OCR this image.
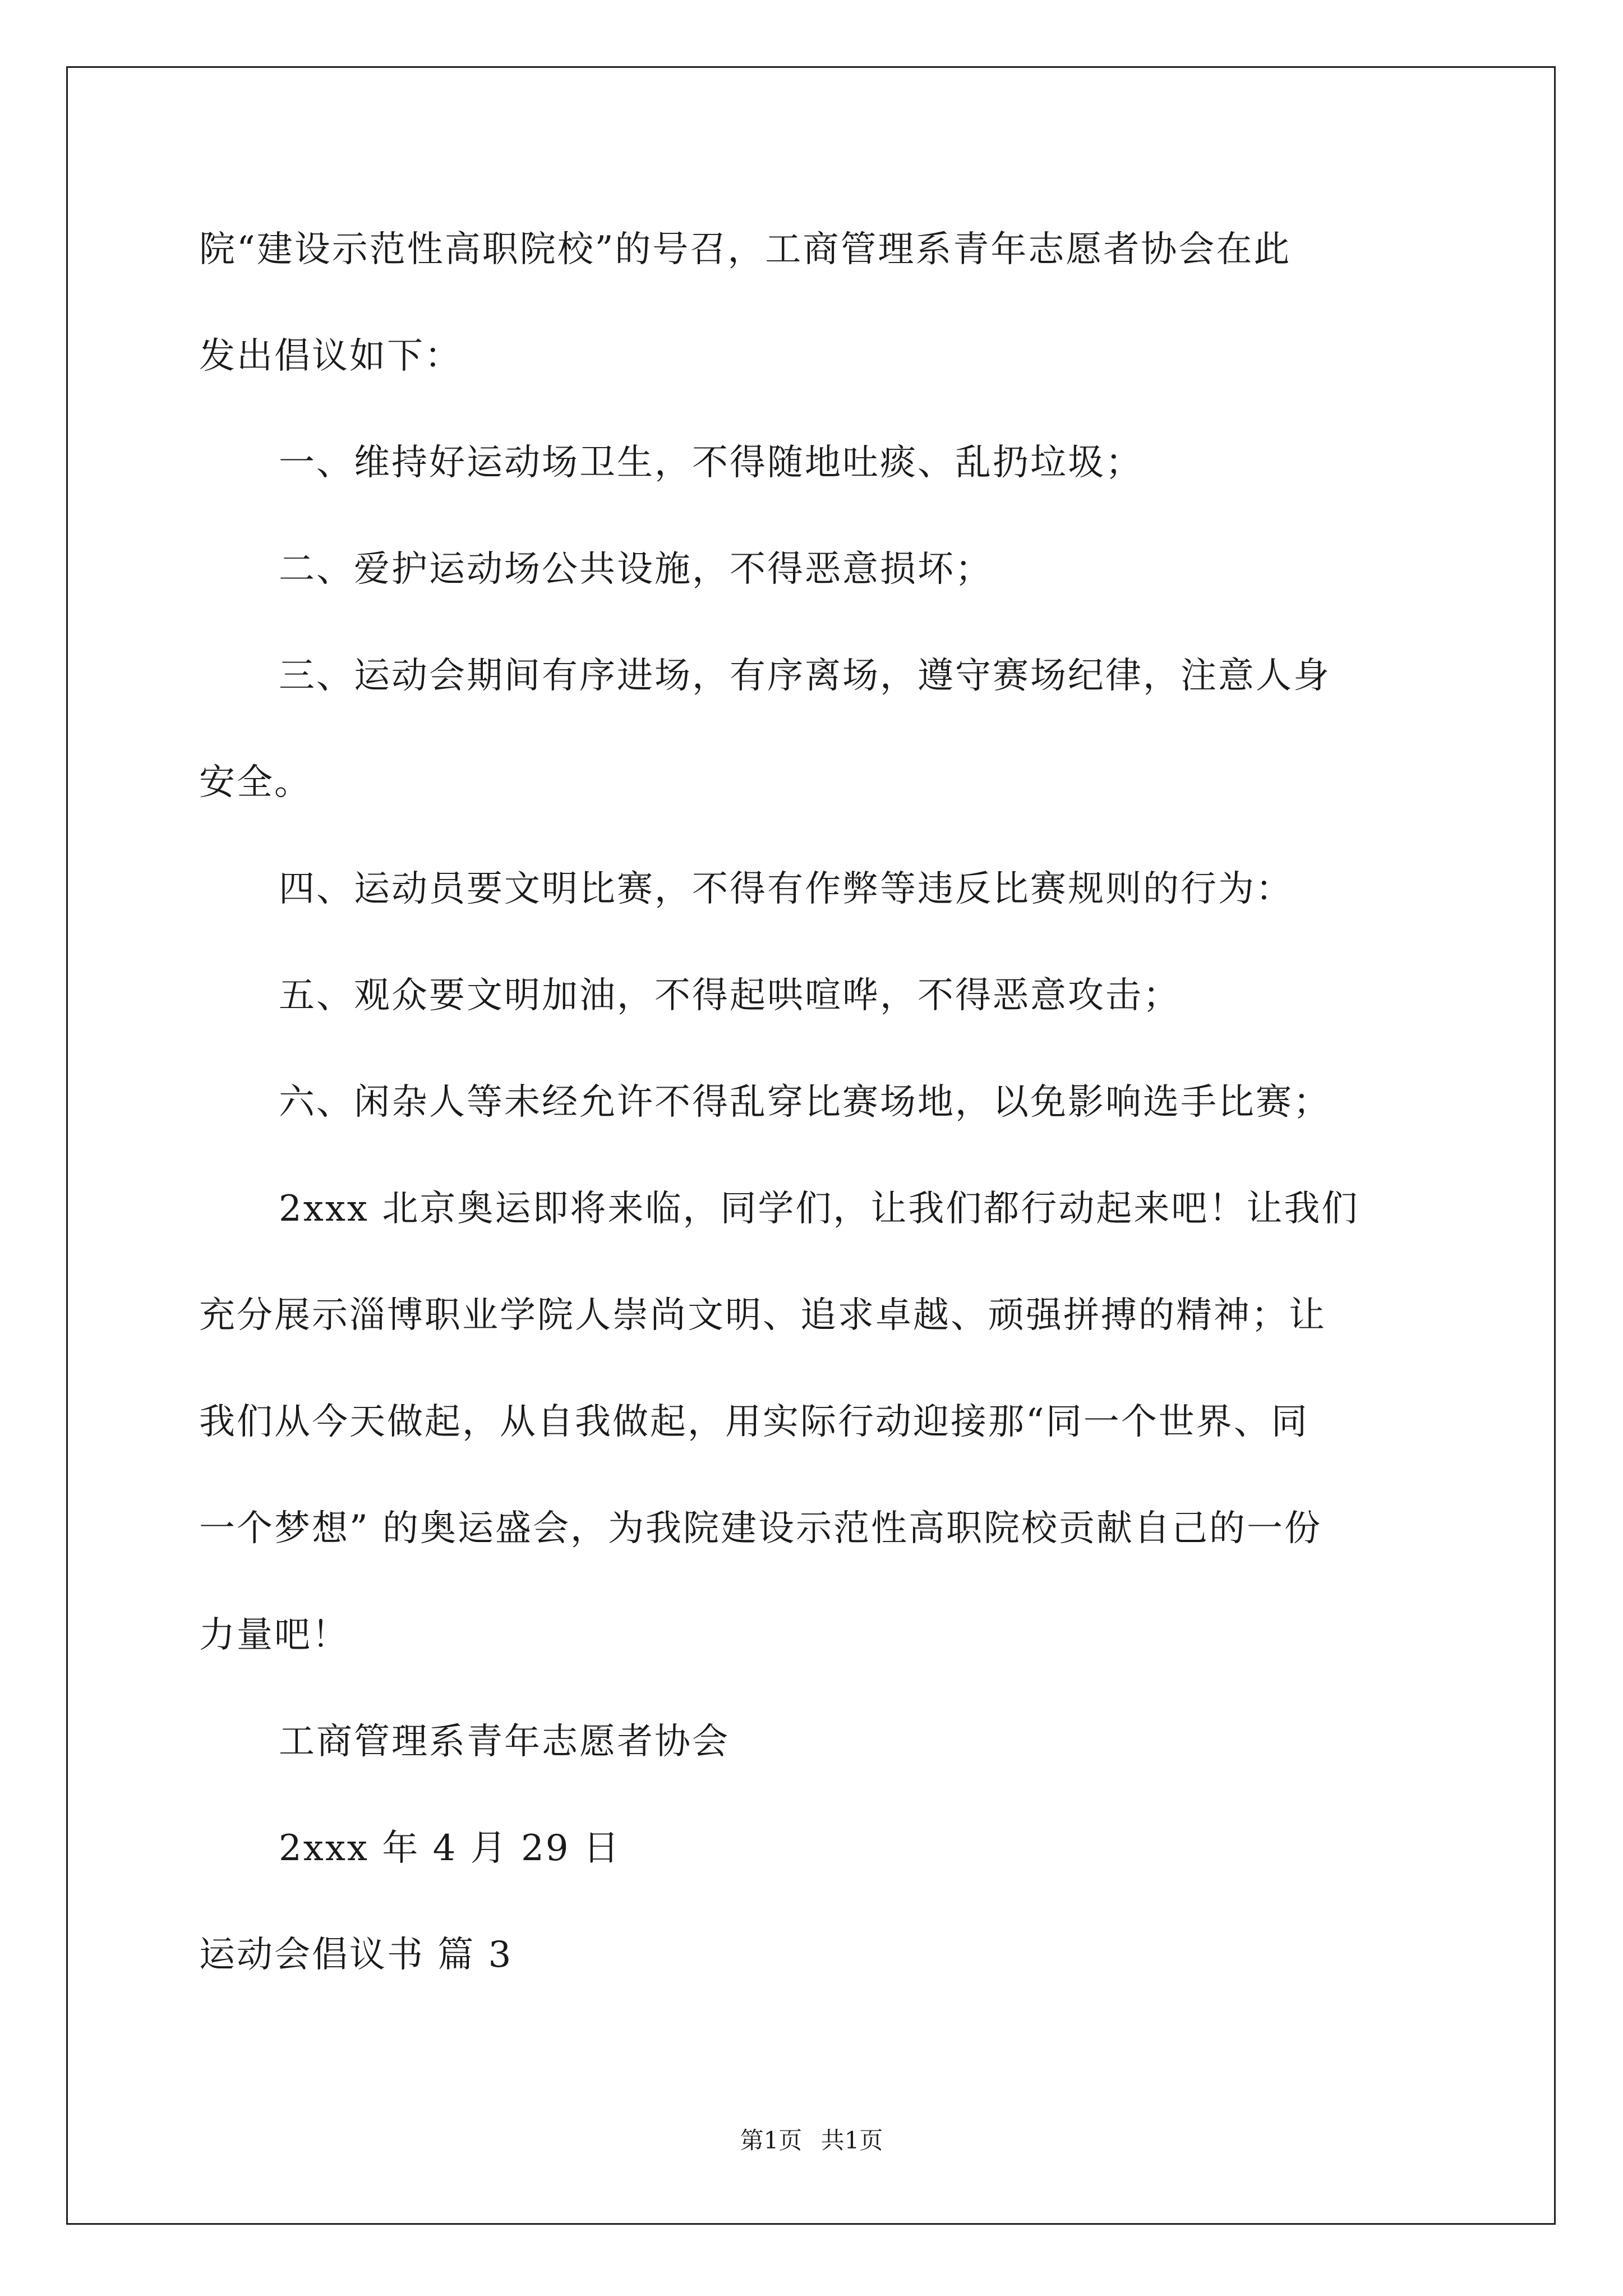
院“建设示范性高职院校”的号召，工商管理系青年志愿者协会在此
发出倡议如下：
一、维持好运动场卫生，不得随地吐痰、乱扔垃圾；
二、爱护运动场公共设施，不得恶意损坏；
三、运动会期间有序进场，有序离场，遵守赛场纪律，注意人身
安全。
四、运动员要文明比赛，不得有作弊等违反比赛规则的行为：
五、观众要文明加油，不得起哄喧哗，不得恶意攻击；
六、闲杂人等未经允许不得乱穿比赛场地，以免影响选手比赛；
2xxx 北京奥运即将来临，同学们，让我们都行动起来吧！让我们
充分展示淄博职业学院人崇尚文明、追求卓越、顽强拼搏的精神；让
我们从今天做起，从自我做起，用实际行动迎接那“同一个世界、同
一个梦想” 的奥运盛会，为我院建设示范性高职院校贡献自己的一份
力量吧！
工商管理系青年志愿者协会
2xxx 年 4 月 29 日
运动会倡议书 篇 3
第1页 共1页
